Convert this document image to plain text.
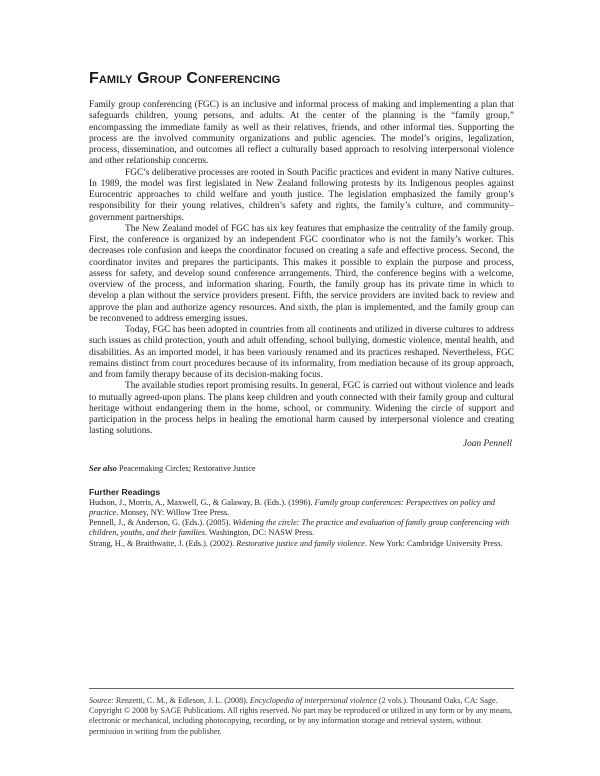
Family Group Conferencing

Family group conferencing (FGC) is an inclusive and informal process of making and implementing a plan that safeguards children, young persons, and adults. At the center of the planning is the “family group,” encompassing the immediate family as well as their relatives, friends, and other informal ties. Supporting the process are the involved community organizations and public agencies. The model’s origins, legalization, process, dissemination, and outcomes all reflect a culturally based approach to resolving interpersonal violence and other relationship concerns.

FGC’s deliberative processes are rooted in South Pacific practices and evident in many Native cultures. In 1989, the model was first legislated in New Zealand following protests by its Indigenous peoples against Eurocentric approaches to child welfare and youth justice. The legislation emphasized the family group’s responsibility for their young relatives, children’s safety and rights, the family’s culture, and community–government partnerships.

The New Zealand model of FGC has six key features that emphasize the centrality of the family group. First, the conference is organized by an independent FGC coordinator who is not the family’s worker. This decreases role confusion and keeps the coordinator focused on creating a safe and effective process. Second, the coordinator invites and prepares the participants. This makes it possible to explain the purpose and process, assess for safety, and develop sound conference arrangements. Third, the conference begins with a welcome, overview of the process, and information sharing. Fourth, the family group has its private time in which to develop a plan without the service providers present. Fifth, the service providers are invited back to review and approve the plan and authorize agency resources. And sixth, the plan is implemented, and the family group can be reconvened to address emerging issues.

Today, FGC has been adopted in countries from all continents and utilized in diverse cultures to address such issues as child protection, youth and adult offending, school bullying, domestic violence, mental health, and disabilities. As an imported model, it has been variously renamed and its practices reshaped. Nevertheless, FGC remains distinct from court procedures because of its informality, from mediation because of its group approach, and from family therapy because of its decision-making focus.

The available studies report promising results. In general, FGC is carried out without violence and leads to mutually agreed-upon plans. The plans keep children and youth connected with their family group and cultural heritage without endangering them in the home, school, or community. Widening the circle of support and participation in the process helps in healing the emotional harm caused by interpersonal violence and creating lasting solutions.

Joan Pennell
See also Peacemaking Circles; Restorative Justice
Further Readings

Hudson, J., Morris, A., Maxwell, G., & Galaway, B. (Eds.). (1996). Family group conferences: Perspectives on policy and practice. Monsey, NY: Willow Tree Press.

Pennell, J., & Anderson, G. (Eds.). (2005). Widening the circle: The practice and evaluation of family group conferencing with children, youths, and their families. Washington, DC: NASW Press.

Strang, H., & Braithwaite, J. (Eds.). (2002). Restorative justice and family violence. New York: Cambridge University Press.

Source: Renzetti, C. M., & Edleson, J. L. (2008). Encyclopedia of interpersonal violence (2 vols.). Thousand Oaks, CA: Sage. Copyright © 2008 by SAGE Publications. All rights reserved. No part may be reproduced or utilized in any form or by any means, electronic or mechanical, including photocopying, recording, or by any information storage and retrieval system, without permission in writing from the publisher.
